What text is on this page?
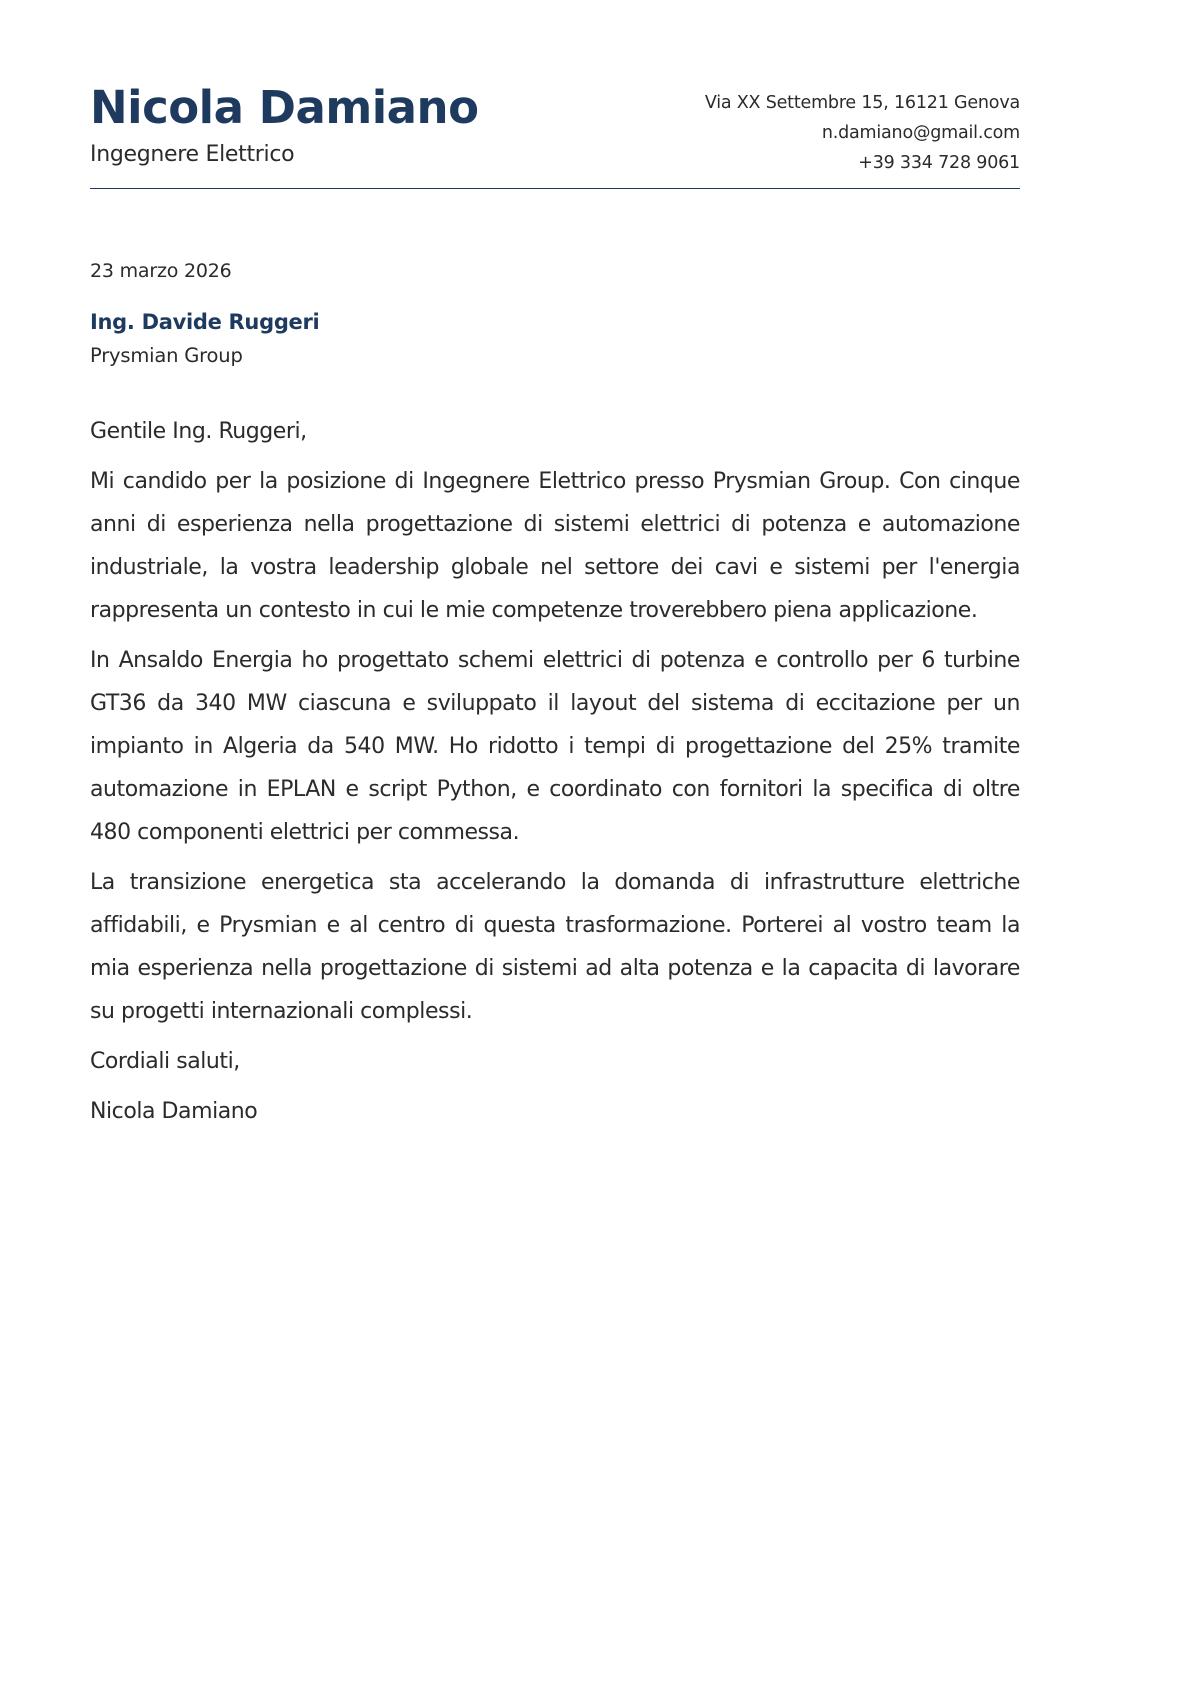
Nicola Damiano
Ingegnere Elettrico
Via XX Settembre 15, 16121 Genova
n.damiano@gmail.com
+39 334 728 9061
23 marzo 2026
Ing. Davide Ruggeri
Prysmian Group
Gentile Ing. Ruggeri,

Mi candido per la posizione di Ingegnere Elettrico presso Prysmian Group. Con cinque anni di esperienza nella progettazione di sistemi elettrici di potenza e automazione industriale, la vostra leadership globale nel settore dei cavi e sistemi per l'energia rappresenta un contesto in cui le mie competenze troverebbero piena applicazione.

In Ansaldo Energia ho progettato schemi elettrici di potenza e controllo per 6 turbine GT36 da 340 MW ciascuna e sviluppato il layout del sistema di eccitazione per un impianto in Algeria da 540 MW. Ho ridotto i tempi di progettazione del 25% tramite automazione in EPLAN e script Python, e coordinato con fornitori la specifica di oltre 480 componenti elettrici per commessa.

La transizione energetica sta accelerando la domanda di infrastrutture elettriche affidabili, e Prysmian e al centro di questa trasformazione. Porterei al vostro team la mia esperienza nella progettazione di sistemi ad alta potenza e la capacita di lavorare su progetti internazionali complessi.

Cordiali saluti,
Nicola Damiano
